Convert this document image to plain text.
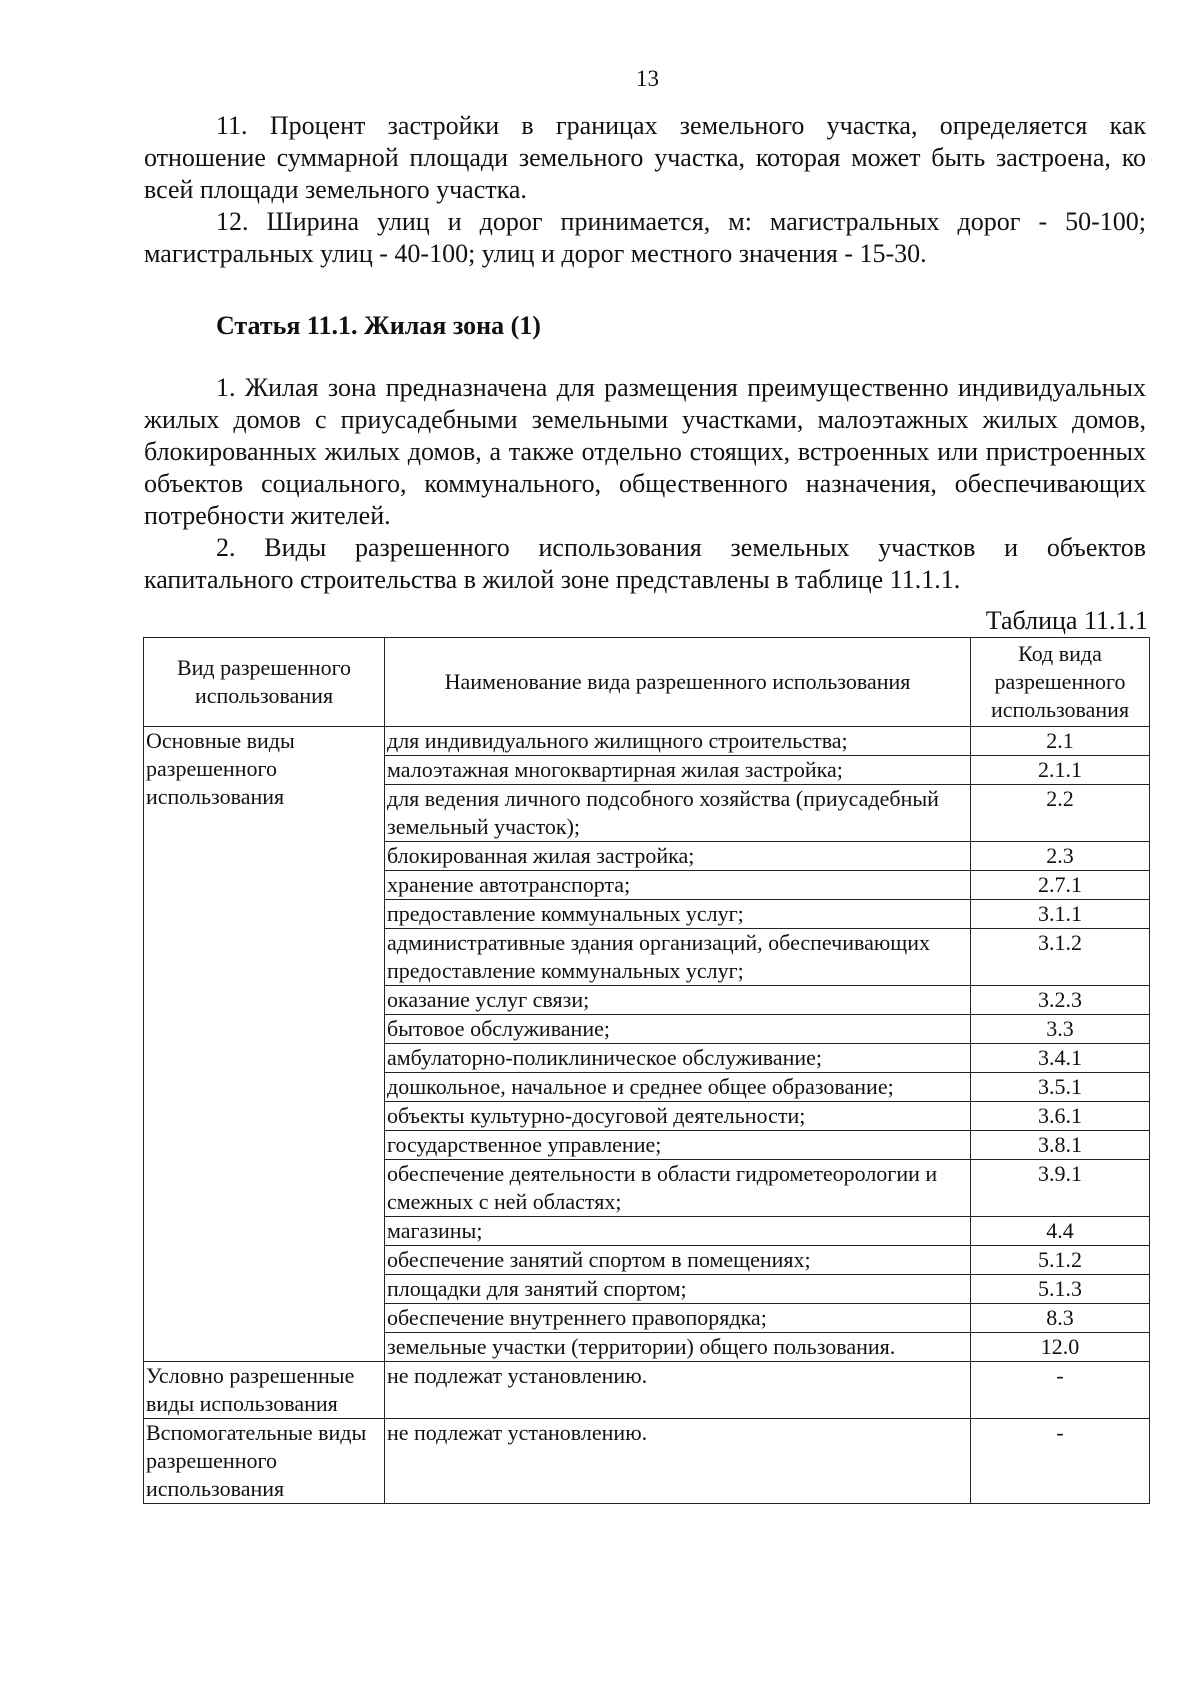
13

11. Процент застройки в границах земельного участка, определяется как отношение суммарной площади земельного участка, которая может быть застроена, ко всей площади земельного участка.

12. Ширина улиц и дорог принимается, м: магистральных дорог - 50-100; магистральных улиц - 40-100; улиц и дорог местного значения - 15-30.

Статья 11.1. Жилая зона (1)

1. Жилая зона предназначена для размещения преимущественно индивидуальных жилых домов с приусадебными земельными участками, малоэтажных жилых домов, блокированных жилых домов, а также отдельно стоящих, встроенных или пристроенных объектов социального, коммунального, общественного назначения, обеспечивающих потребности жителей.

2. Виды разрешенного использования земельных участков и объектов капитального строительства в жилой зоне представлены в таблице 11.1.1.

Таблица 11.1.1
Вид разрешенного использования	Наименование вида разрешенного использования	Код вида разрешенного использования
Основные виды разрешенного использования	для индивидуального жилищного строительства;	2.1
	малоэтажная многоквартирная жилая застройка;	2.1.1
	для ведения личного подсобного хозяйства (приусадебный земельный участок);	2.2
	блокированная жилая застройка;	2.3
	хранение автотранспорта;	2.7.1
	предоставление коммунальных услуг;	3.1.1
	административные здания организаций, обеспечивающих предоставление коммунальных услуг;	3.1.2
	оказание услуг связи;	3.2.3
	бытовое обслуживание;	3.3
	амбулаторно-поликлиническое обслуживание;	3.4.1
	дошкольное, начальное и среднее общее образование;	3.5.1
	объекты культурно-досуговой деятельности;	3.6.1
	государственное управление;	3.8.1
	обеспечение деятельности в области гидрометеорологии и смежных с ней областях;	3.9.1
	магазины;	4.4
	обеспечение занятий спортом в помещениях;	5.1.2
	площадки для занятий спортом;	5.1.3
	обеспечение внутреннего правопорядка;	8.3
	земельные участки (территории) общего пользования.	12.0
Условно разрешенные виды использования	не подлежат установлению.	-
Вспомогательные виды разрешенного использования	не подлежат установлению.	-
